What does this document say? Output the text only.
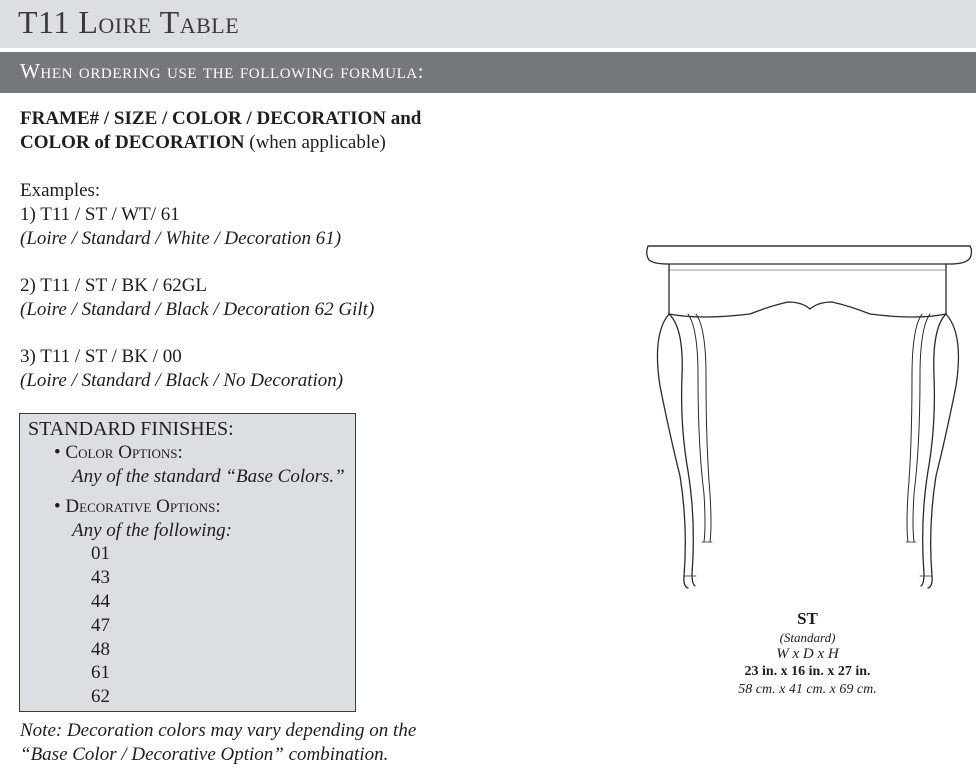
T11 Loire Table
When ordering use the following formula:
FRAME# / SIZE / COLOR / DECORATION and
COLOR of DECORATION (when applicable)
Examples:
1) T11 / ST / WT/ 61
(Loire / Standard / White / Decoration 61)
2) T11 / ST / BK / 62GL
(Loire / Standard / Black / Decoration 62 Gilt)
3) T11 / ST / BK / 00
(Loire / Standard / Black / No Decoration)
STANDARD FINISHES:
• Color Options:
Any of the standard “Base Colors.”
• Decorative Options:
Any of the following:
01
43
44
47
48
61
62
Note: Decoration colors may vary depending on the
“Base Color / Decorative Option” combination.
ST
(Standard)
W x D x H
23 in. x 16 in. x 27 in.
58 cm. x 41 cm. x 69 cm.
